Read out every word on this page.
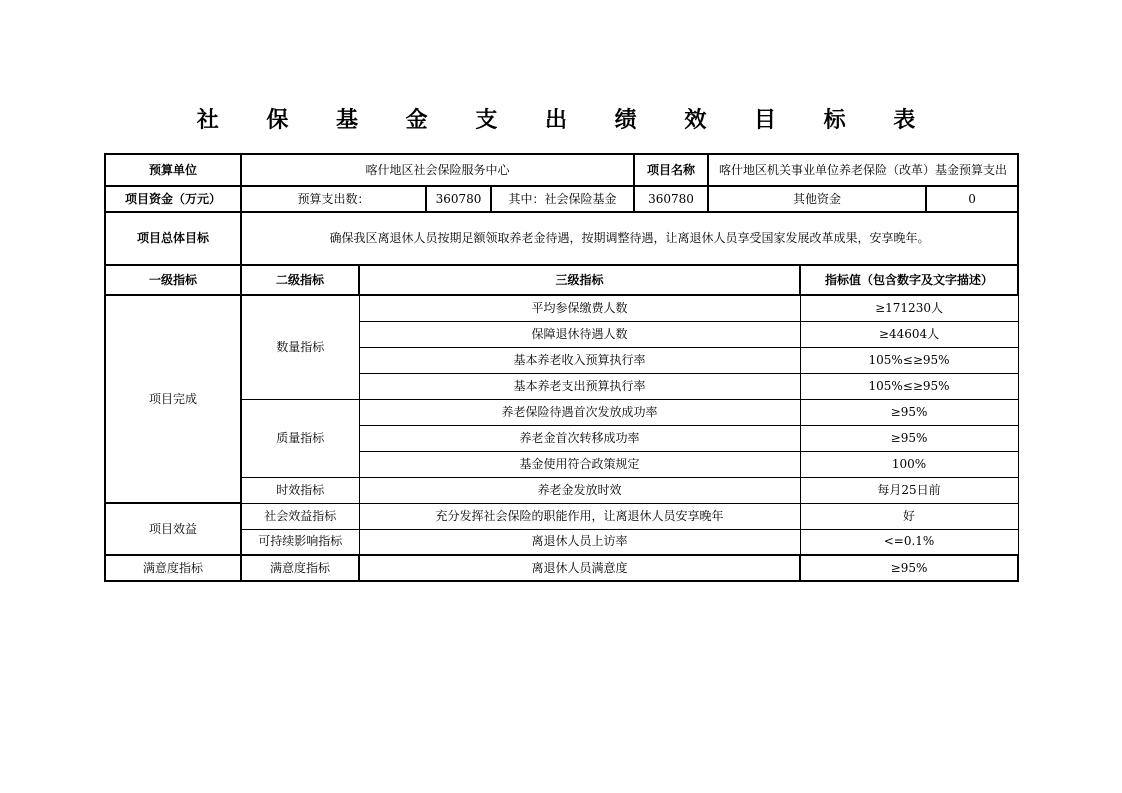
社 保 基 金 支 出 绩 效 目 标 表
预算单位	喀什地区社会保险服务中心				项目名称	喀什地区机关事业单位养老保险（改革）基金预算支出		
项目资金（万元）	预算支出数：		360780	其中：社会保险基金	360780	其他资金		0
项目总体目标	确保我区离退休人员按期足额领取养老金待遇，按期调整待遇，让离退休人员享受国家发展改革成果，安享晚年。							
一级指标	二级指标	三级指标					指标值（包含数字及文字描述）	
项目完成	数量指标	平均参保缴费人数					≥171230人	
		保障退休待遇人数					≥44604人	
		基本养老收入预算执行率					105%≤≥95%	
		基本养老支出预算执行率					105%≤≥95%	
	质量指标	养老保险待遇首次发放成功率					≥95%	
		养老金首次转移成功率					≥95%	
		基金使用符合政策规定					100%	
	时效指标	养老金发放时效					每月25日前	
项目效益	社会效益指标	充分发挥社会保险的职能作用，让离退休人员安享晚年					好	
	可持续影响指标	离退休人员上访率					<=0.1%	
满意度指标	满意度指标	离退休人员满意度					≥95%	
